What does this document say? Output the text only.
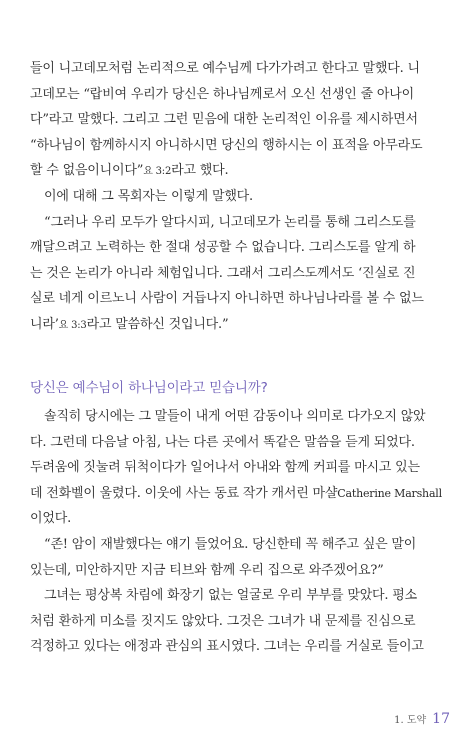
들이 니고데모처럼 논리적으로 예수님께 다가가려고 한다고 말했다. 니
고데모는 “랍비여 우리가 당신은 하나님께로서 오신 선생인 줄 아나이
다”라고 말했다. 그리고 그런 믿음에 대한 논리적인 이유를 제시하면서
“하나님이 함께하시지 아니하시면 당신의 행하시는 이 표적을 아무라도
할 수 없음이니이다”요 3:2라고 했다.
이에 대해 그 목회자는 이렇게 말했다.
“그러나 우리 모두가 알다시피, 니고데모가 논리를 통해 그리스도를
깨달으려고 노력하는 한 절대 성공할 수 없습니다. 그리스도를 알게 하
는 것은 논리가 아니라 체험입니다. 그래서 그리스도께서도 ‘진실로 진
실로 네게 이르노니 사람이 거듭나지 아니하면 하나님나라를 볼 수 없느
니라’요 3:3라고 말씀하신 것입니다.”
당신은 예수님이 하나님이라고 믿습니까?
솔직히 당시에는 그 말들이 내게 어떤 감동이나 의미로 다가오지 않았
다. 그런데 다음날 아침, 나는 다른 곳에서 똑같은 말씀을 듣게 되었다.
두려움에 짓눌려 뒤척이다가 일어나서 아내와 함께 커피를 마시고 있는
데 전화벨이 울렸다. 이웃에 사는 동료 작가 캐서린 마샬Catherine Marshall
이었다.
“존! 암이 재발했다는 얘기 들었어요. 당신한테 꼭 해주고 싶은 말이
있는데, 미안하지만 지금 티브와 함께 우리 집으로 와주겠어요?”
그녀는 평상복 차림에 화장기 없는 얼굴로 우리 부부를 맞았다. 평소
처럼 환하게 미소를 짓지도 않았다. 그것은 그녀가 내 문제를 진심으로
걱정하고 있다는 애정과 관심의 표시였다. 그녀는 우리를 거실로 들이고
1. 도약 17
